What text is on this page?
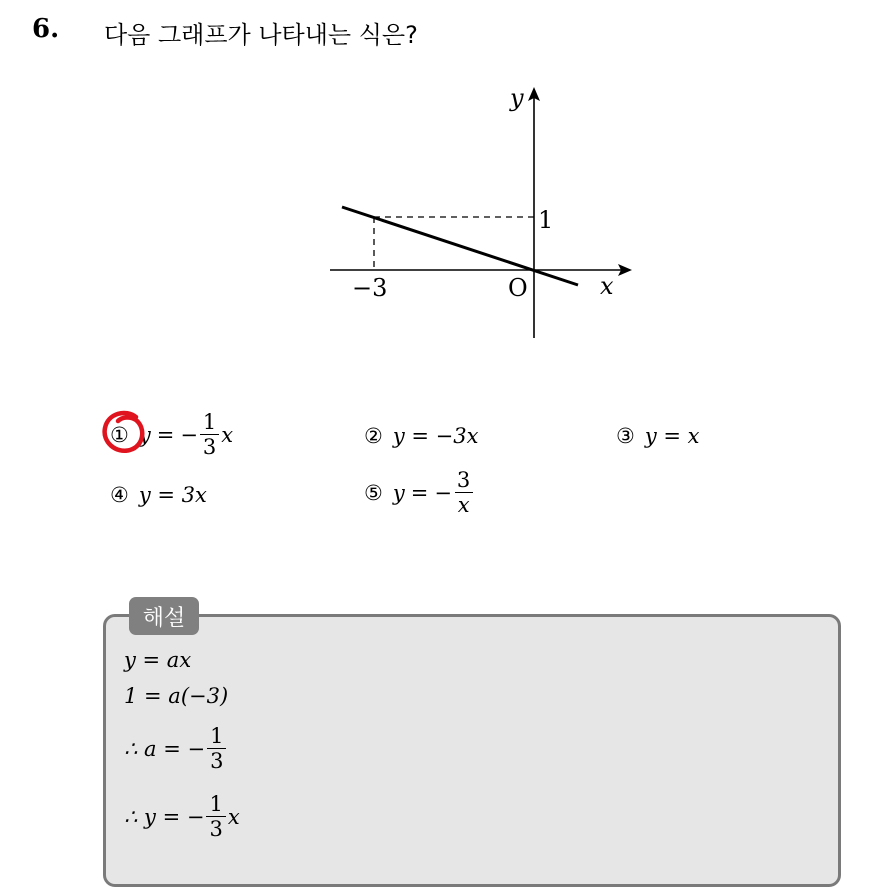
6. 다음 그래프가 나타내는 식은?
y
x
O
−3
1
① y = − $\frac{1}{3}$ x	② y = −3x	③ y = x
④ y = 3x	⑤ y = − $\frac{3}{x}$
해설
y = ax
1 = a(−3)
∴ a = − $\frac{1}{3}$
∴ y = − $\frac{1}{3}$ x
